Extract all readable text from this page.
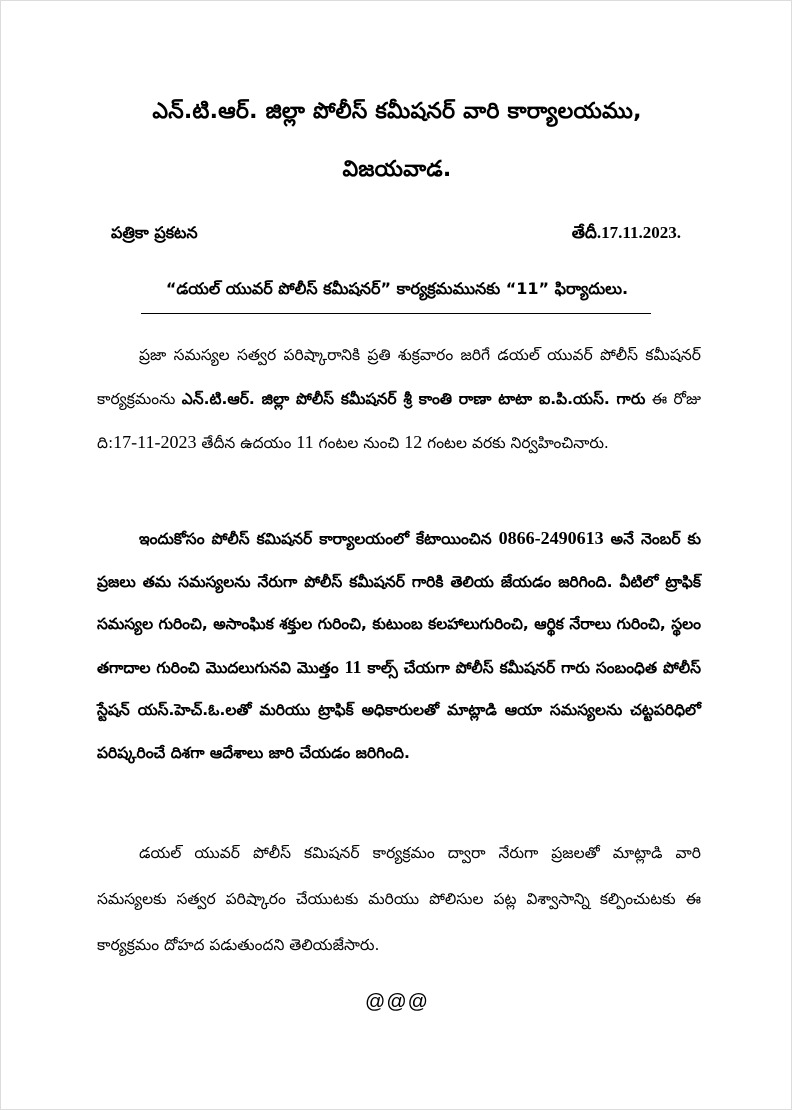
ఎన్.టి.ఆర్. జిల్లా పోలీస్ కమీషనర్ వారి కార్యాలయము,
విజయవాడ.
పత్రికా ప్రకటన	తేదీ.17.11.2023.
“డయల్ యువర్ పోలీస్ కమీషనర్” కార్యక్రమమునకు “11” ఫిర్యాదులు.

ప్రజా సమస్యల సత్వర పరిష్కారానికి ప్రతి శుక్రవారం జరిగే డయల్ యువర్ పోలీస్ కమీషనర్ కార్యక్రమంను ఎన్.టి.ఆర్. జిల్లా పోలీస్ కమీషనర్ శ్రీ కాంతి రాణా టాటా ఐ.పి.యస్. గారు ఈ రోజు ది:17-11-2023 తేదీన ఉదయం 11 గంటల నుంచి 12 గంటల వరకు నిర్వహించినారు.

ఇందుకోసం పోలీస్ కమిషనర్ కార్యాలయంలో కేటాయించిన 0866-2490613 అనే నెంబర్ కు ప్రజలు తమ సమస్యలను నేరుగా పోలీస్ కమీషనర్ గారికి తెలియ జేయడం జరిగింది. వీటిలో ట్రాఫిక్ సమస్యల గురించి, అసాంఘిక శక్తుల గురించి, కుటుంబ కలహాలుగురించి, ఆర్థిక నేరాలు గురించి, స్థలం తగాదాల గురించి మొదలుగునవి మొత్తం 11 కాల్స్ చేయగా పోలీస్ కమీషనర్ గారు సంబంధిత పోలీస్ స్టేషన్ యస్.హెచ్.ఓ.లతో మరియు ట్రాఫిక్ అధికారులతో మాట్లాడి ఆయా సమస్యలను చట్టపరిధిలో పరిష్కరించే దిశగా ఆదేశాలు జారి చేయడం జరిగింది.

డయల్ యువర్ పోలీస్ కమిషనర్ కార్యక్రమం ద్వారా నేరుగా ప్రజలతో మాట్లాడి వారి సమస్యలకు సత్వర పరిష్కారం చేయుటకు మరియు పోలిసుల పట్ల విశ్వాసాన్ని కల్పించుటకు ఈ కార్యక్రమం దోహద పడుతుందని తెలియజేసారు.

@@@
